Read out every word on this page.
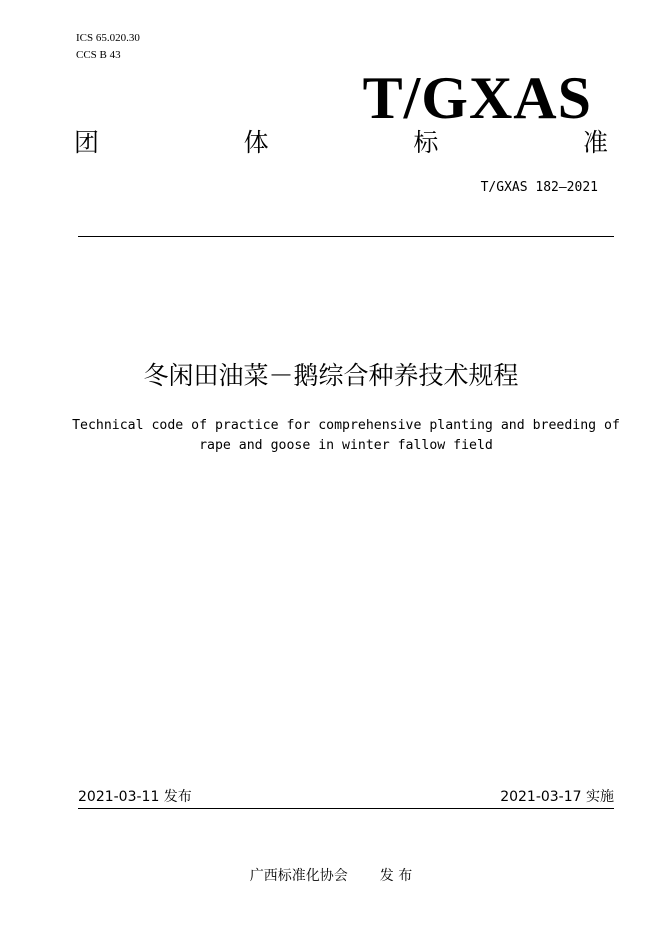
ICS 65.020.30
CCS B 43
T/GXAS
团	体	标	准
T/GXAS 182—2021
冬闲田油菜－鹅综合种养技术规程
Technical code of practice for comprehensive planting and breeding of
rape and goose in winter fallow field
2021-03-11 发布	2021-03-17 实施
广西标准化协会 发 布
